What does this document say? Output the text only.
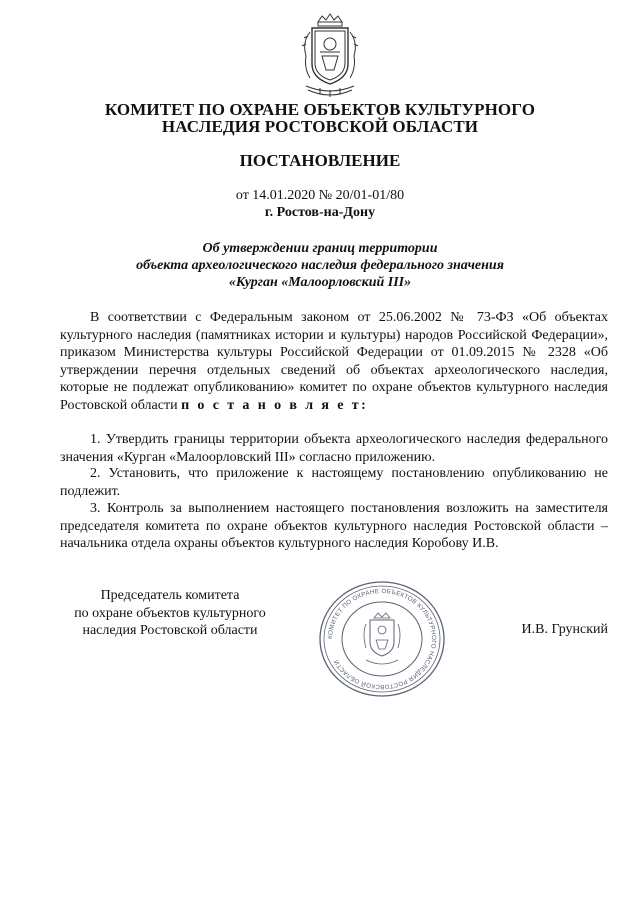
КОМИТЕТ ПО ОХРАНЕ ОБЪЕКТОВ КУЛЬТУРНОГО
НАСЛЕДИЯ РОСТОВСКОЙ ОБЛАСТИ
ПОСТАНОВЛЕНИЕ
от 14.01.2020 № 20/01-01/80
г. Ростов-на-Дону
Об утверждении границ территории
объекта археологического наследия федерального значения
«Курган «Малоорловский III»
В соответствии с Федеральным законом от 25.06.2002 № 73-ФЗ «Об объектах культурного наследия (памятниках истории и культуры) народов Российской Федерации», приказом Министерства культуры Российской Федерации от 01.09.2015 № 2328 «Об утверждении перечня отдельных сведений об объектах археологического наследия, которые не подлежат опубликованию» комитет по охране объектов культурного наследия Ростовской области п о с т а н о в л я е т:
1. Утвердить границы территории объекта археологического наследия федерального значения «Курган «Малоорловский III» согласно приложению.
2. Установить, что приложение к настоящему постановлению опубликованию не подлежит.
3. Контроль за выполнением настоящего постановления возложить на заместителя председателя комитета по охране объектов культурного наследия Ростовской области – начальника отдела охраны объектов культурного наследия Коробову И.В.
Председатель комитета
по охране объектов культурного
наследия Ростовской области	КОМИТЕТ ПО ОХРАНЕ ОБЪЕКТОВ КУЛЬТУРНОГО НАСЛЕДИЯ РОСТОВСКОЙ ОБЛАСТИ
И.В. Грунский
